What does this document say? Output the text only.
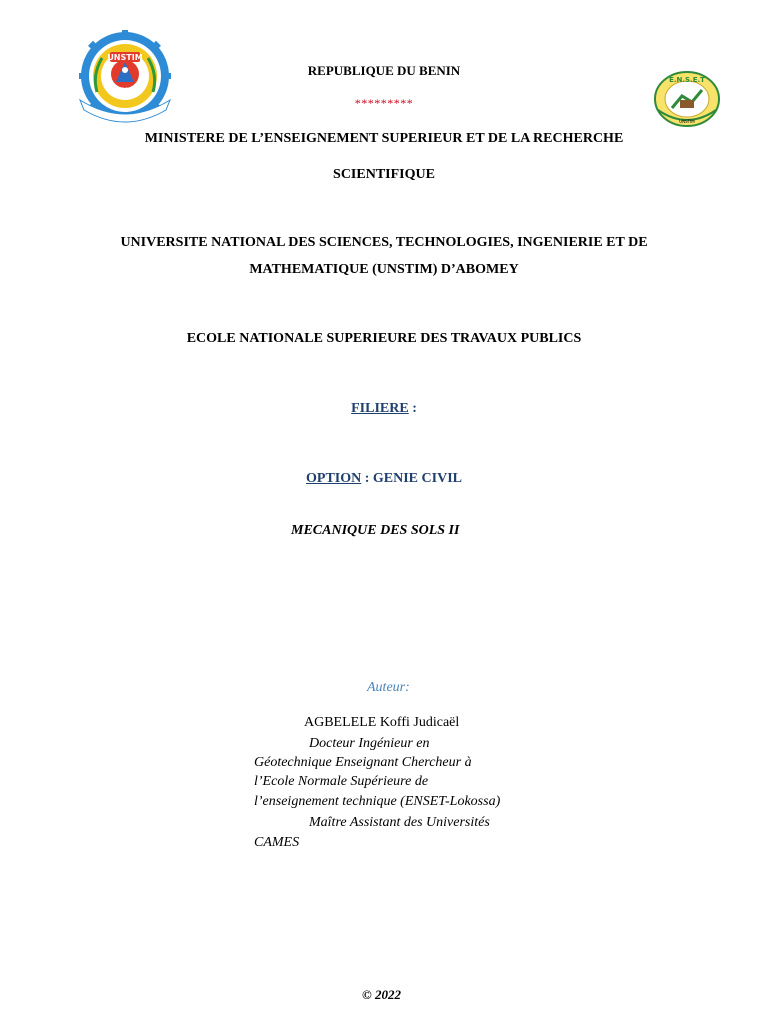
UNSTIM
ABOMEY
E.N.S.E.T
UNSTIM
REPUBLIQUE DU BENIN
*********
MINISTERE DE L’ENSEIGNEMENT SUPERIEUR ET DE LA RECHERCHE
SCIENTIFIQUE
UNIVERSITE NATIONAL DES SCIENCES, TECHNOLOGIES, INGENIERIE ET DE
MATHEMATIQUE (UNSTIM) D’ABOMEY
ECOLE NATIONALE SUPERIEURE DES TRAVAUX PUBLICS
FILIERE :
OPTION : GENIE CIVIL
MECANIQUE DES SOLS II
Auteur:
AGBELELE Koffi Judicaël
Docteur Ingénieur en
Géotechnique Enseignant Chercheur à
l’Ecole Normale Supérieure de
l’enseignement technique (ENSET-Lokossa)
Maître Assistant des Universités
CAMES
© 2022
